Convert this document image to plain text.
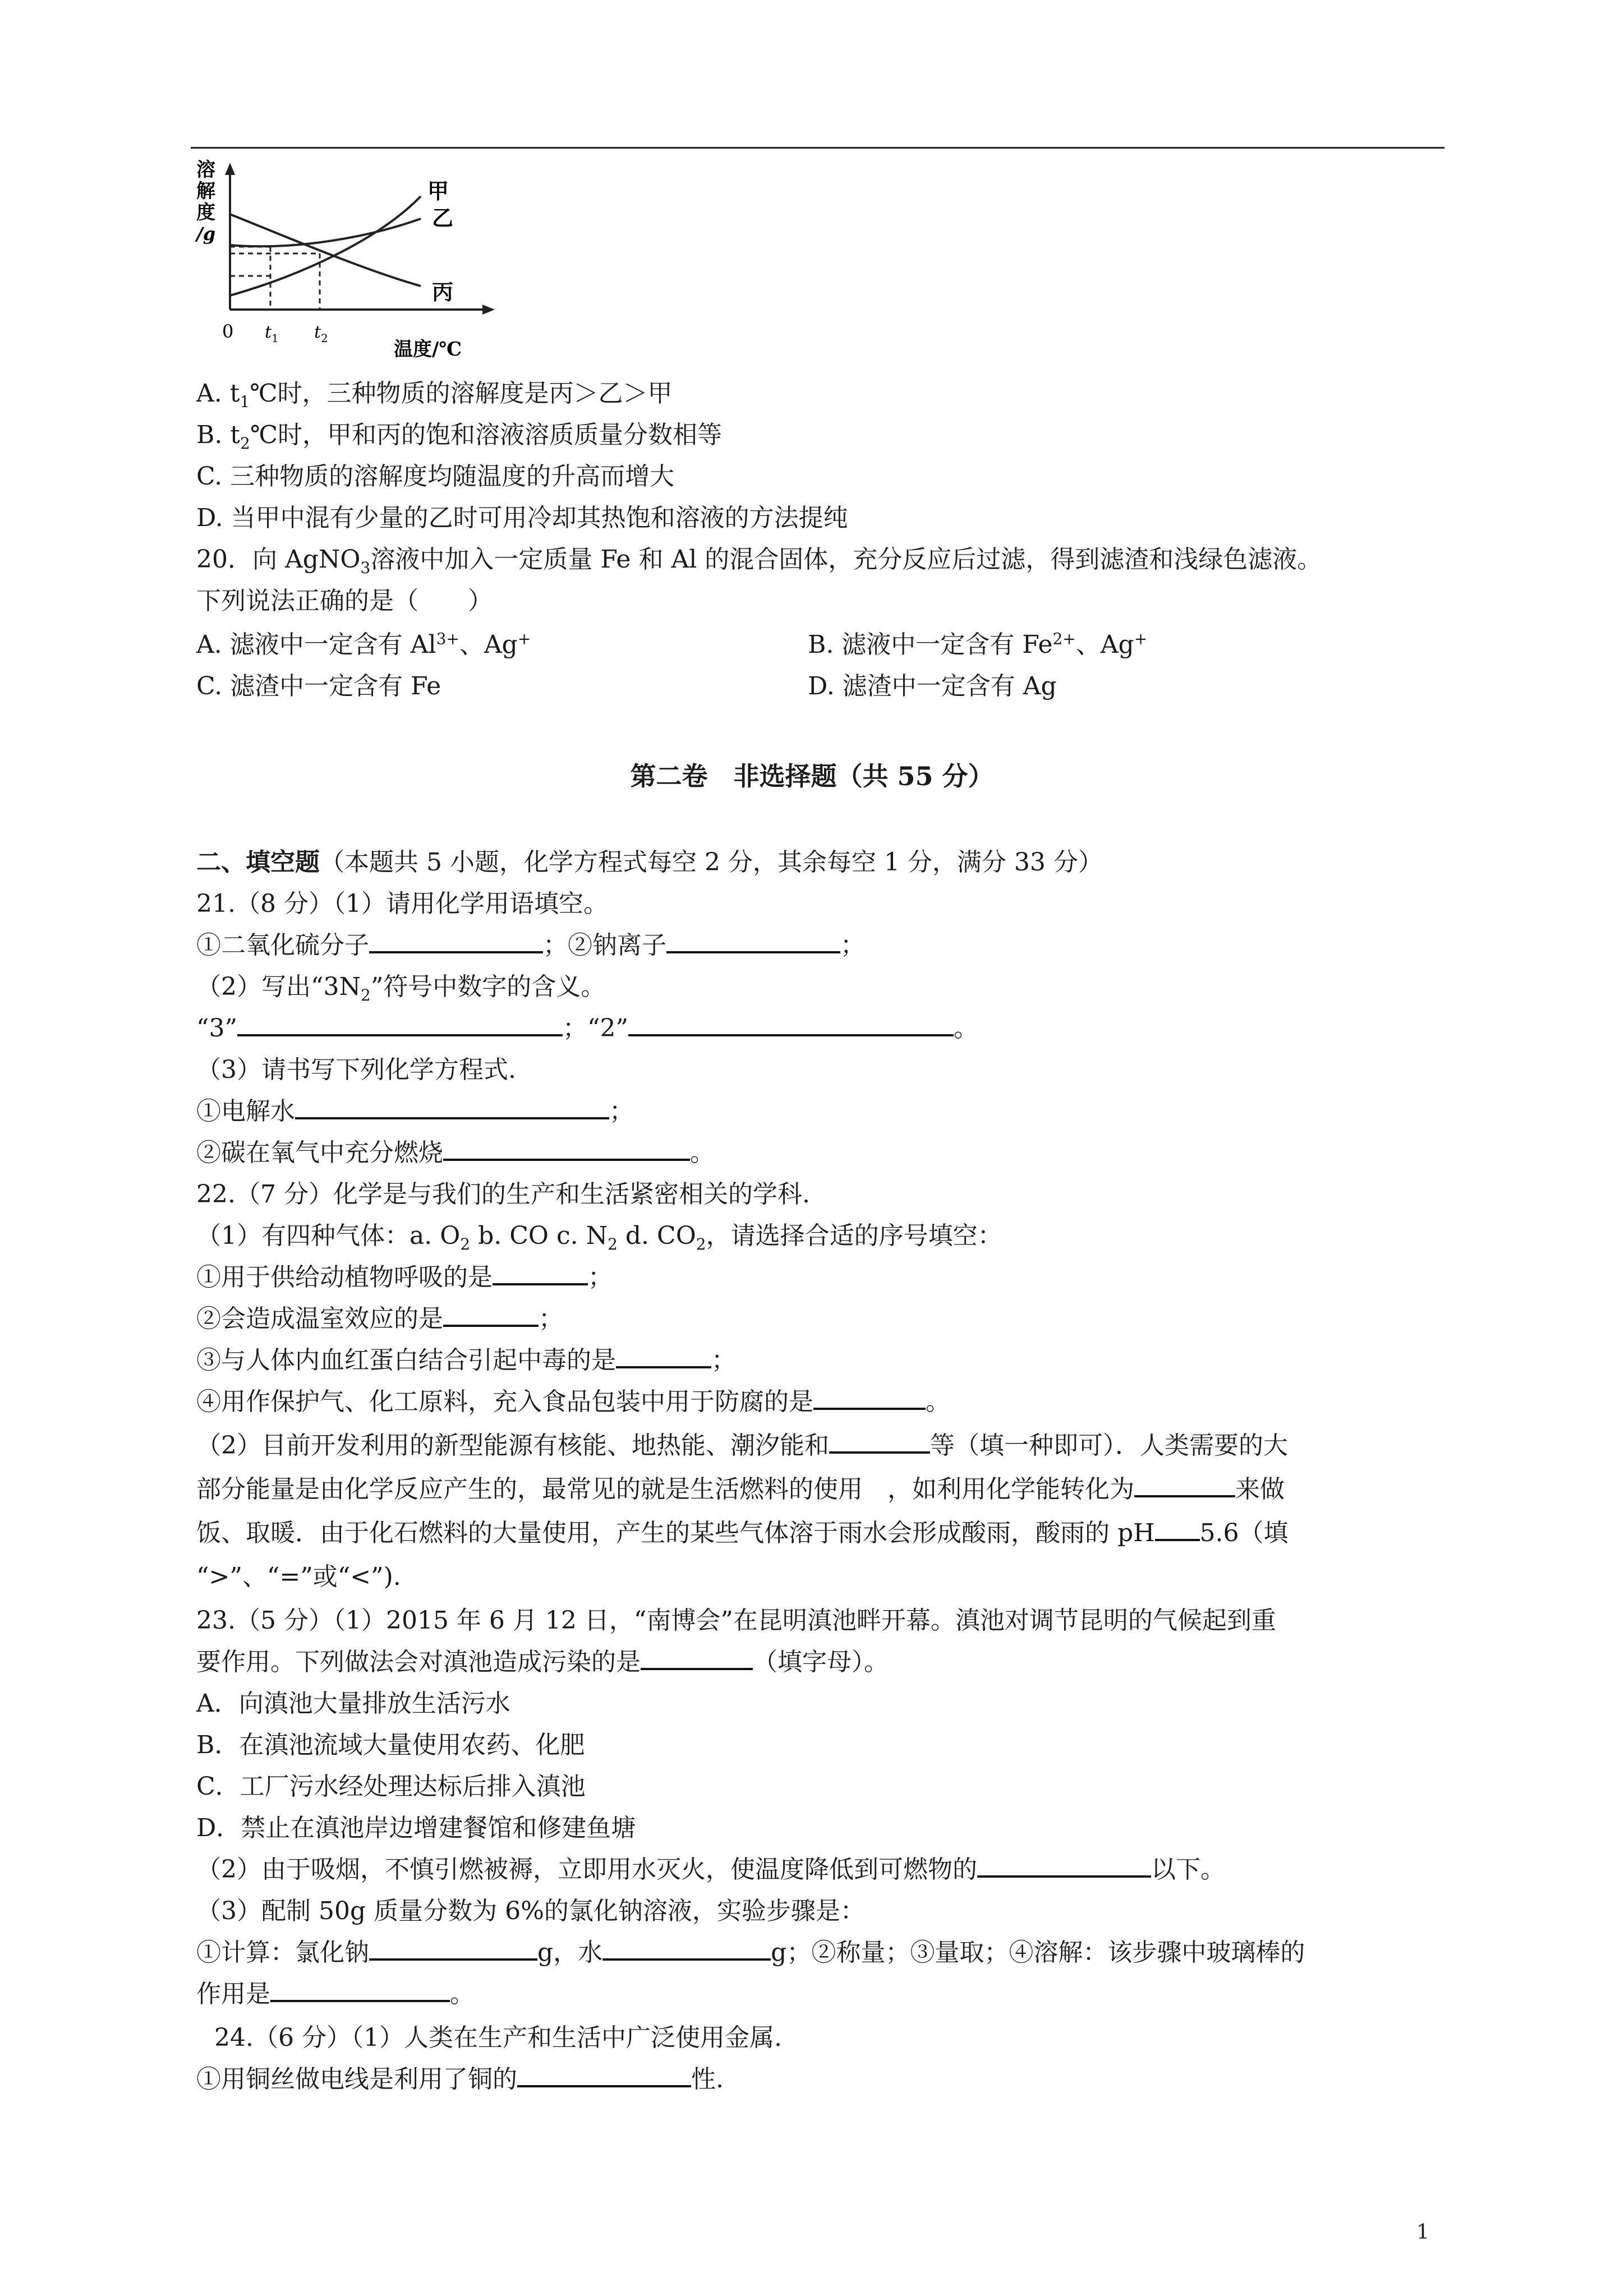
溶
解
度
/g
甲
乙
丙
0 t 1 t 2	温度/℃
A. $t_1℃$时，三种物质的溶解度是丙＞乙＞甲
B. $t_2℃$时，甲和丙的饱和溶液溶质质量分数相等
C. 三种物质的溶解度均随温度的升高而增大
D. 当甲中混有少量的乙时可用冷却其热饱和溶液的方法提纯
20．向 AgNO$_3$溶液中加入一定质量 Fe 和 Al 的混合固体，充分反应后过滤，得到滤渣和浅绿色滤液。
下列说法正确的是（　　）
A. 滤液中一定含有 $Al^{3+}$、Ag+	B. 滤液中一定含有 $Fe^{2+}$、Ag+
C. 滤渣中一定含有 Fe	D. 滤渣中一定含有 Ag
第二卷　非选择题（共 55 分）
二、填空题（本题共 5 小题，化学方程式每空 2 分，其余每空 1 分，满分 33 分）
21.（8 分）（1）请用化学用语填空。
①二氧化硫分子	；②钠离子	；
（2）写出“$3N_2$”符号中数字的含义。
“3”	；“2”	。
（3）请书写下列化学方程式.
①电解水	；
②碳在氧气中充分燃烧	。
22.（7 分）化学是与我们的生产和生活紧密相关的学科.
（1）有四种气体：a. $O_2$ b. CO c. $N_2$ d. $CO_2$，请选择合适的序号填空：
①用于供给动植物呼吸的是	；
②会造成温室效应的是	；
③与人体内血红蛋白结合引起中毒的是	；
④用作保护气、化工原料，充入食品包装中用于防腐的是	。
（2）目前开发利用的新型能源有核能、地热能、潮汐能和	等（填一种即可）．人类需要的大
部分能量是由化学反应产生的，最常见的就是生活燃料的使用　，如利用化学能转化为	来做
饭、取暖．由于化石燃料的大量使用，产生的某些气体溶于雨水会形成酸雨，酸雨的 pH 5.6（填
“>”、“=”或“<”).
23.（5 分）（1）2015 年 6 月 12 日，“南博会”在昆明滇池畔开幕。滇池对调节昆明的气候起到重
要作用。下列做法会对滇池造成污染的是	（填字母）。
A．向滇池大量排放生活污水
B．在滇池流域大量使用农药、化肥
C．工厂污水经处理达标后排入滇池
D．禁止在滇池岸边增建餐馆和修建鱼塘
（2）由于吸烟，不慎引燃被褥，立即用水灭火，使温度降低到可燃物的	以下。
（3）配制 50g 质量分数为 6%的氯化钠溶液，实验步骤是：
①计算：氯化钠	g，水	g；②称量；③量取；④溶解：该步骤中玻璃棒的
作用是	。
24.（6 分）（1）人类在生产和生活中广泛使用金属.
①用铜丝做电线是利用了铜的	性.
1
